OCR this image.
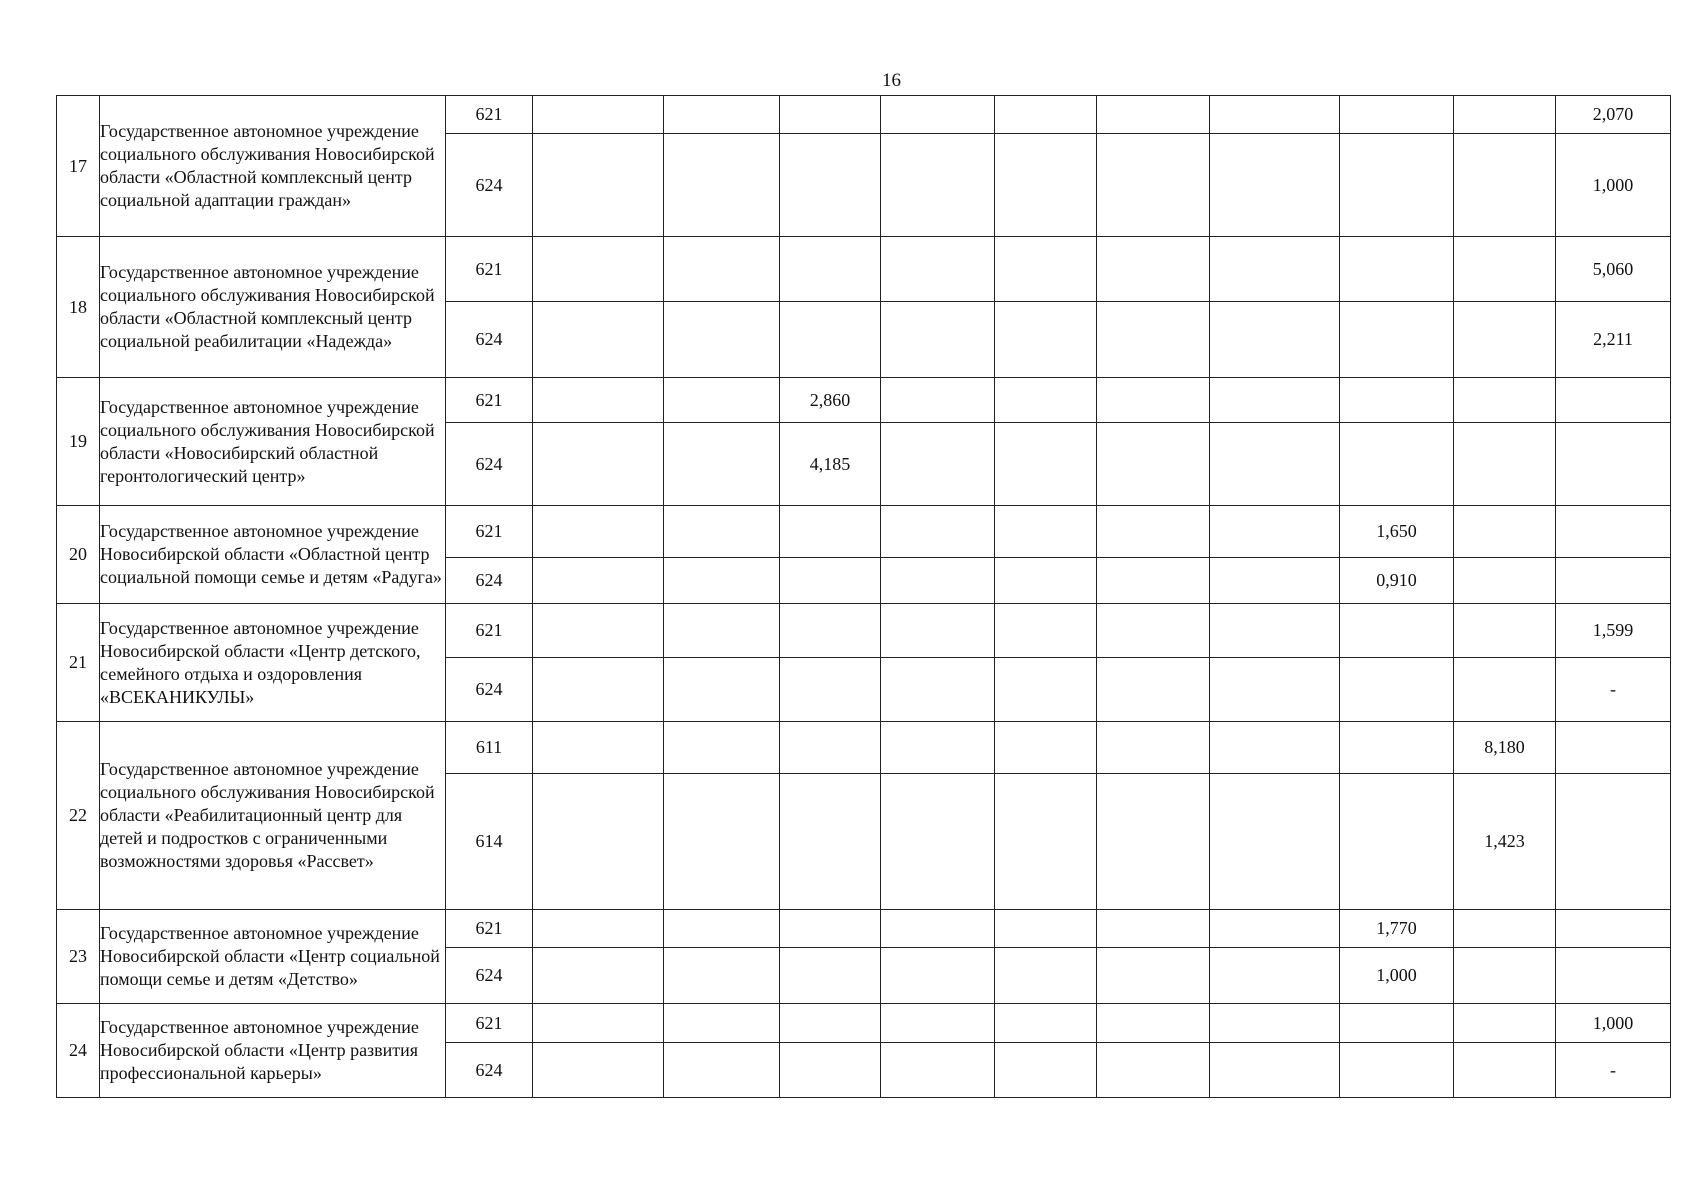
16
17	Государственное автономное учреждение социального обслуживания Новосибирской области «Областной комплексный центр социальной адаптации граждан»	621										2,070
		624										1,000
18	Государственное автономное учреждение социального обслуживания Новосибирской области «Областной комплексный центр социальной реабилитации «Надежда»	621										5,060
		624										2,211
19	Государственное автономное учреждение социального обслуживания Новосибирской области «Новосибирский областной геронтологический центр»	621			2,860							
		624			4,185							
20	Государственное автономное учреждение Новосибирской области «Областной центр социальной помощи семье и детям «Радуга»	621								1,650		
		624								0,910		
21	Государственное автономное учреждение Новосибирской области «Центр детского, семейного отдыха и оздоровления «ВСЕКАНИКУЛЫ»	621										1,599
		624										-
22	Государственное автономное учреждение социального обслуживания Новосибирской области «Реабилитационный центр для детей и подростков с ограниченными возможностями здоровья «Рассвет»	611									8,180	
		614									1,423	
23	Государственное автономное учреждение Новосибирской области «Центр социальной помощи семье и детям «Детство»	621								1,770		
		624								1,000		
24	Государственное автономное учреждение Новосибирской области «Центр развития профессиональной карьеры»	621										1,000
		624										-
